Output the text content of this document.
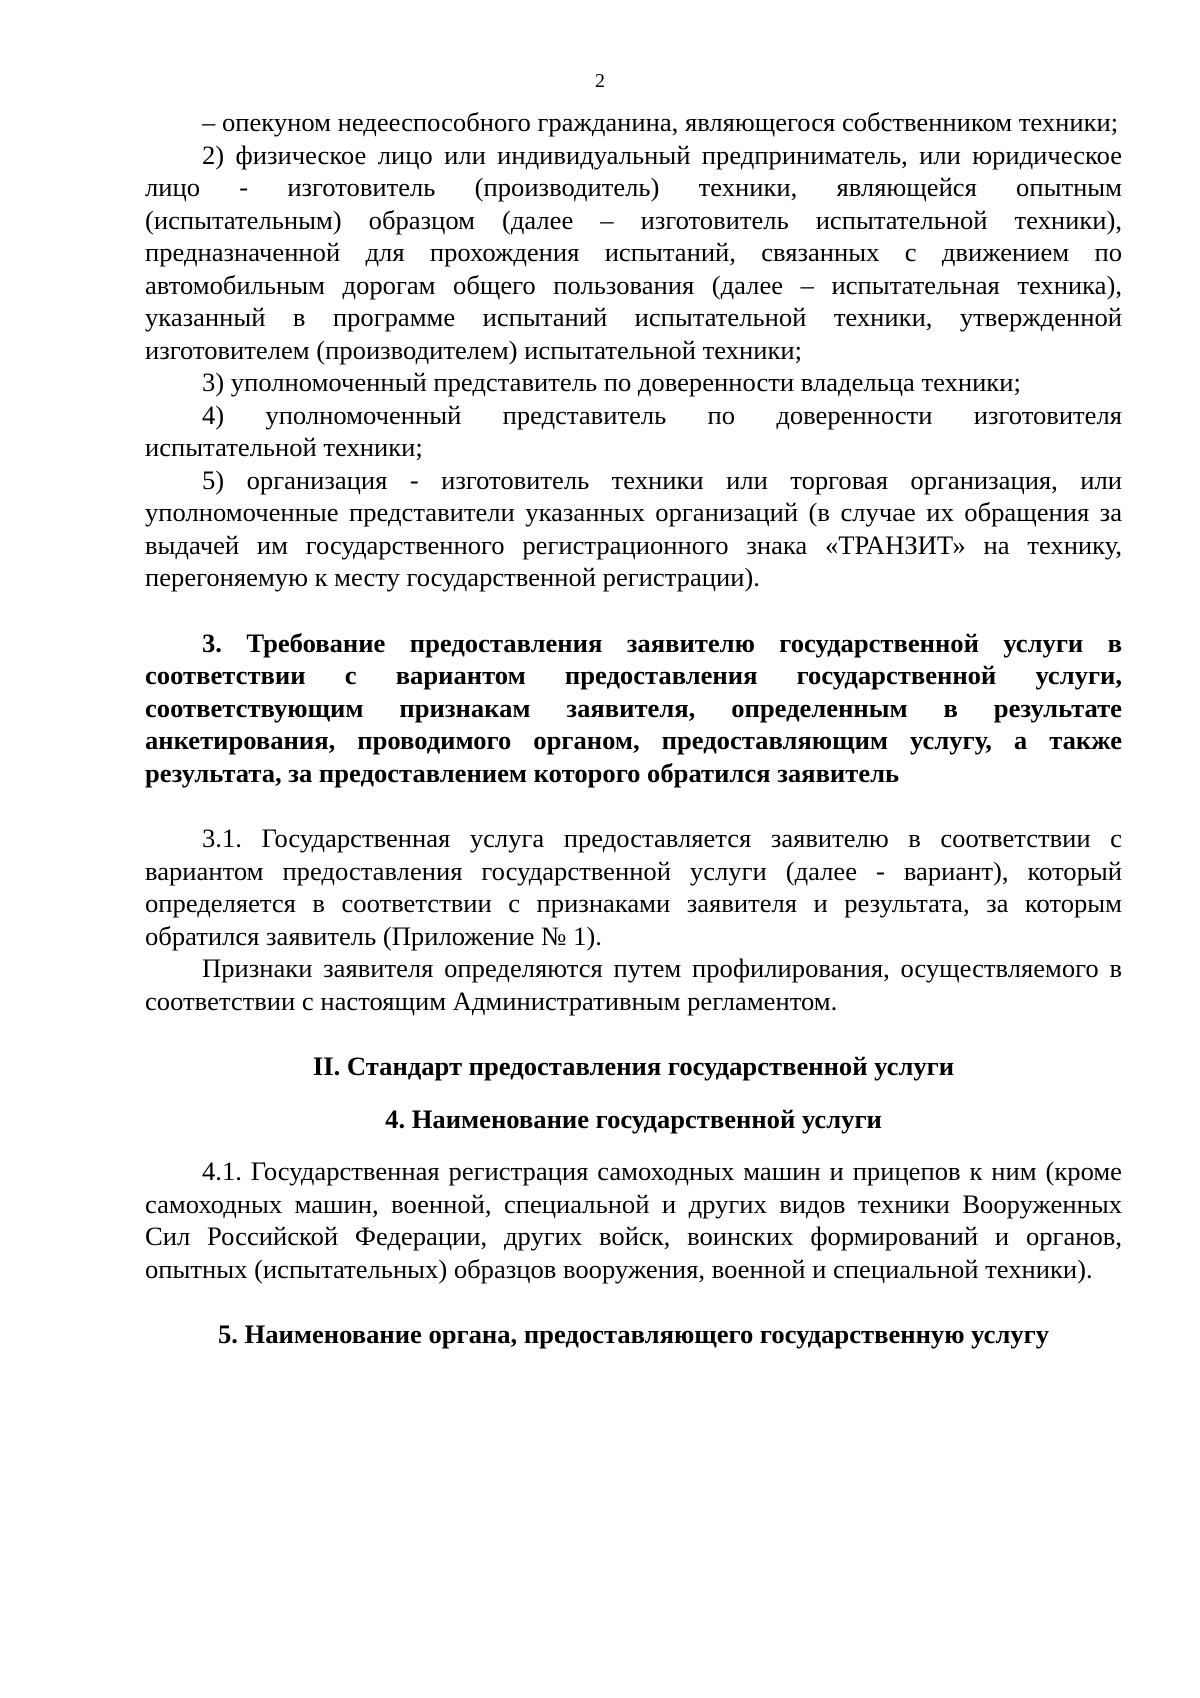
2

– опекуном недееспособного гражданина, являющегося собственником техники;

2) физическое лицо или индивидуальный предприниматель, или юридическое лицо - изготовитель (производитель) техники, являющейся опытным (испытательным) образцом (далее – изготовитель испытательной техники), предназначенной для прохождения испытаний, связанных с движением по автомобильным дорогам общего пользования (далее – испытательная техника), указанный в программе испытаний испытательной техники, утвержденной изготовителем (производителем) испытательной техники;

3) уполномоченный представитель по доверенности владельца техники;

4) уполномоченный представитель по доверенности изготовителя испытательной техники;

5) организация - изготовитель техники или торговая организация, или уполномоченные представители указанных организаций (в случае их обращения за выдачей им государственного регистрационного знака «ТРАНЗИТ» на технику, перегоняемую к месту государственной регистрации).

3. Требование предоставления заявителю государственной услуги в соответствии с вариантом предоставления государственной услуги, соответствующим признакам заявителя, определенным в результате анкетирования, проводимого органом, предоставляющим услугу, а также результата, за предоставлением которого обратился заявитель

3.1. Государственная услуга предоставляется заявителю в соответствии с вариантом предоставления государственной услуги (далее - вариант), который определяется в соответствии с признаками заявителя и результата, за которым обратился заявитель (Приложение № 1).

Признаки заявителя определяются путем профилирования, осуществляемого в соответствии с настоящим Административным регламентом.

II. Стандарт предоставления государственной услуги

4. Наименование государственной услуги

4.1. Государственная регистрация самоходных машин и прицепов к ним (кроме самоходных машин, военной, специальной и других видов техники Вооруженных Сил Российской Федерации, других войск, воинских формирований и органов, опытных (испытательных) образцов вооружения, военной и специальной техники).

5. Наименование органа, предоставляющего государственную услугу
